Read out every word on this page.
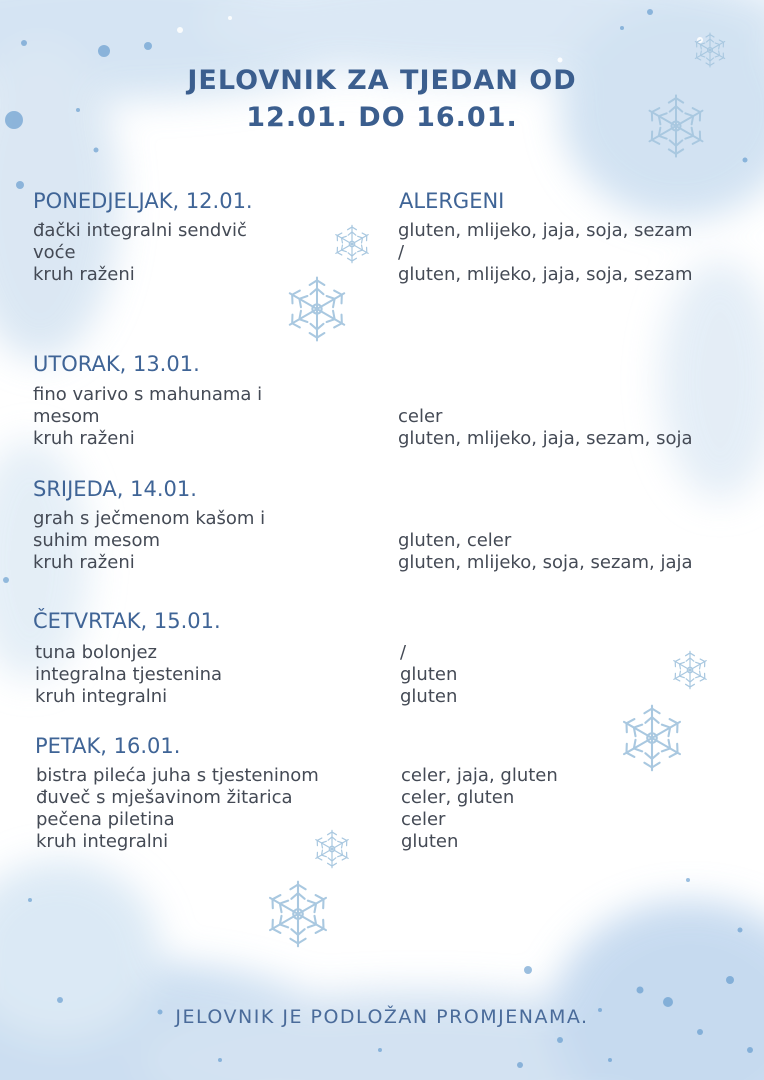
JELOVNIK ZA TJEDAN OD
12.01. DO 16.01.
ALERGENI
PONEDJELJAK, 12.01.
đački integralni sendvič	gluten, mlijeko, jaja, soja, sezam
voće	/
kruh raženi	gluten, mlijeko, jaja, soja, sezam
UTORAK, 13.01.
fino varivo s mahunama i
mesom	celer
kruh raženi	gluten, mlijeko, jaja, sezam, soja
SRIJEDA, 14.01.
grah s ječmenom kašom i
suhim mesom	gluten, celer
kruh raženi	gluten, mlijeko, soja, sezam, jaja
ČETVRTAK, 15.01.
tuna bolonjez	/
integralna tjestenina	gluten
kruh integralni	gluten
PETAK, 16.01.
bistra pileća juha s tjesteninom	celer, jaja, gluten
đuveč s mješavinom žitarica	celer, gluten
pečena piletina	celer
kruh integralni	gluten
JELOVNIK JE PODLOŽAN PROMJENAMA.
